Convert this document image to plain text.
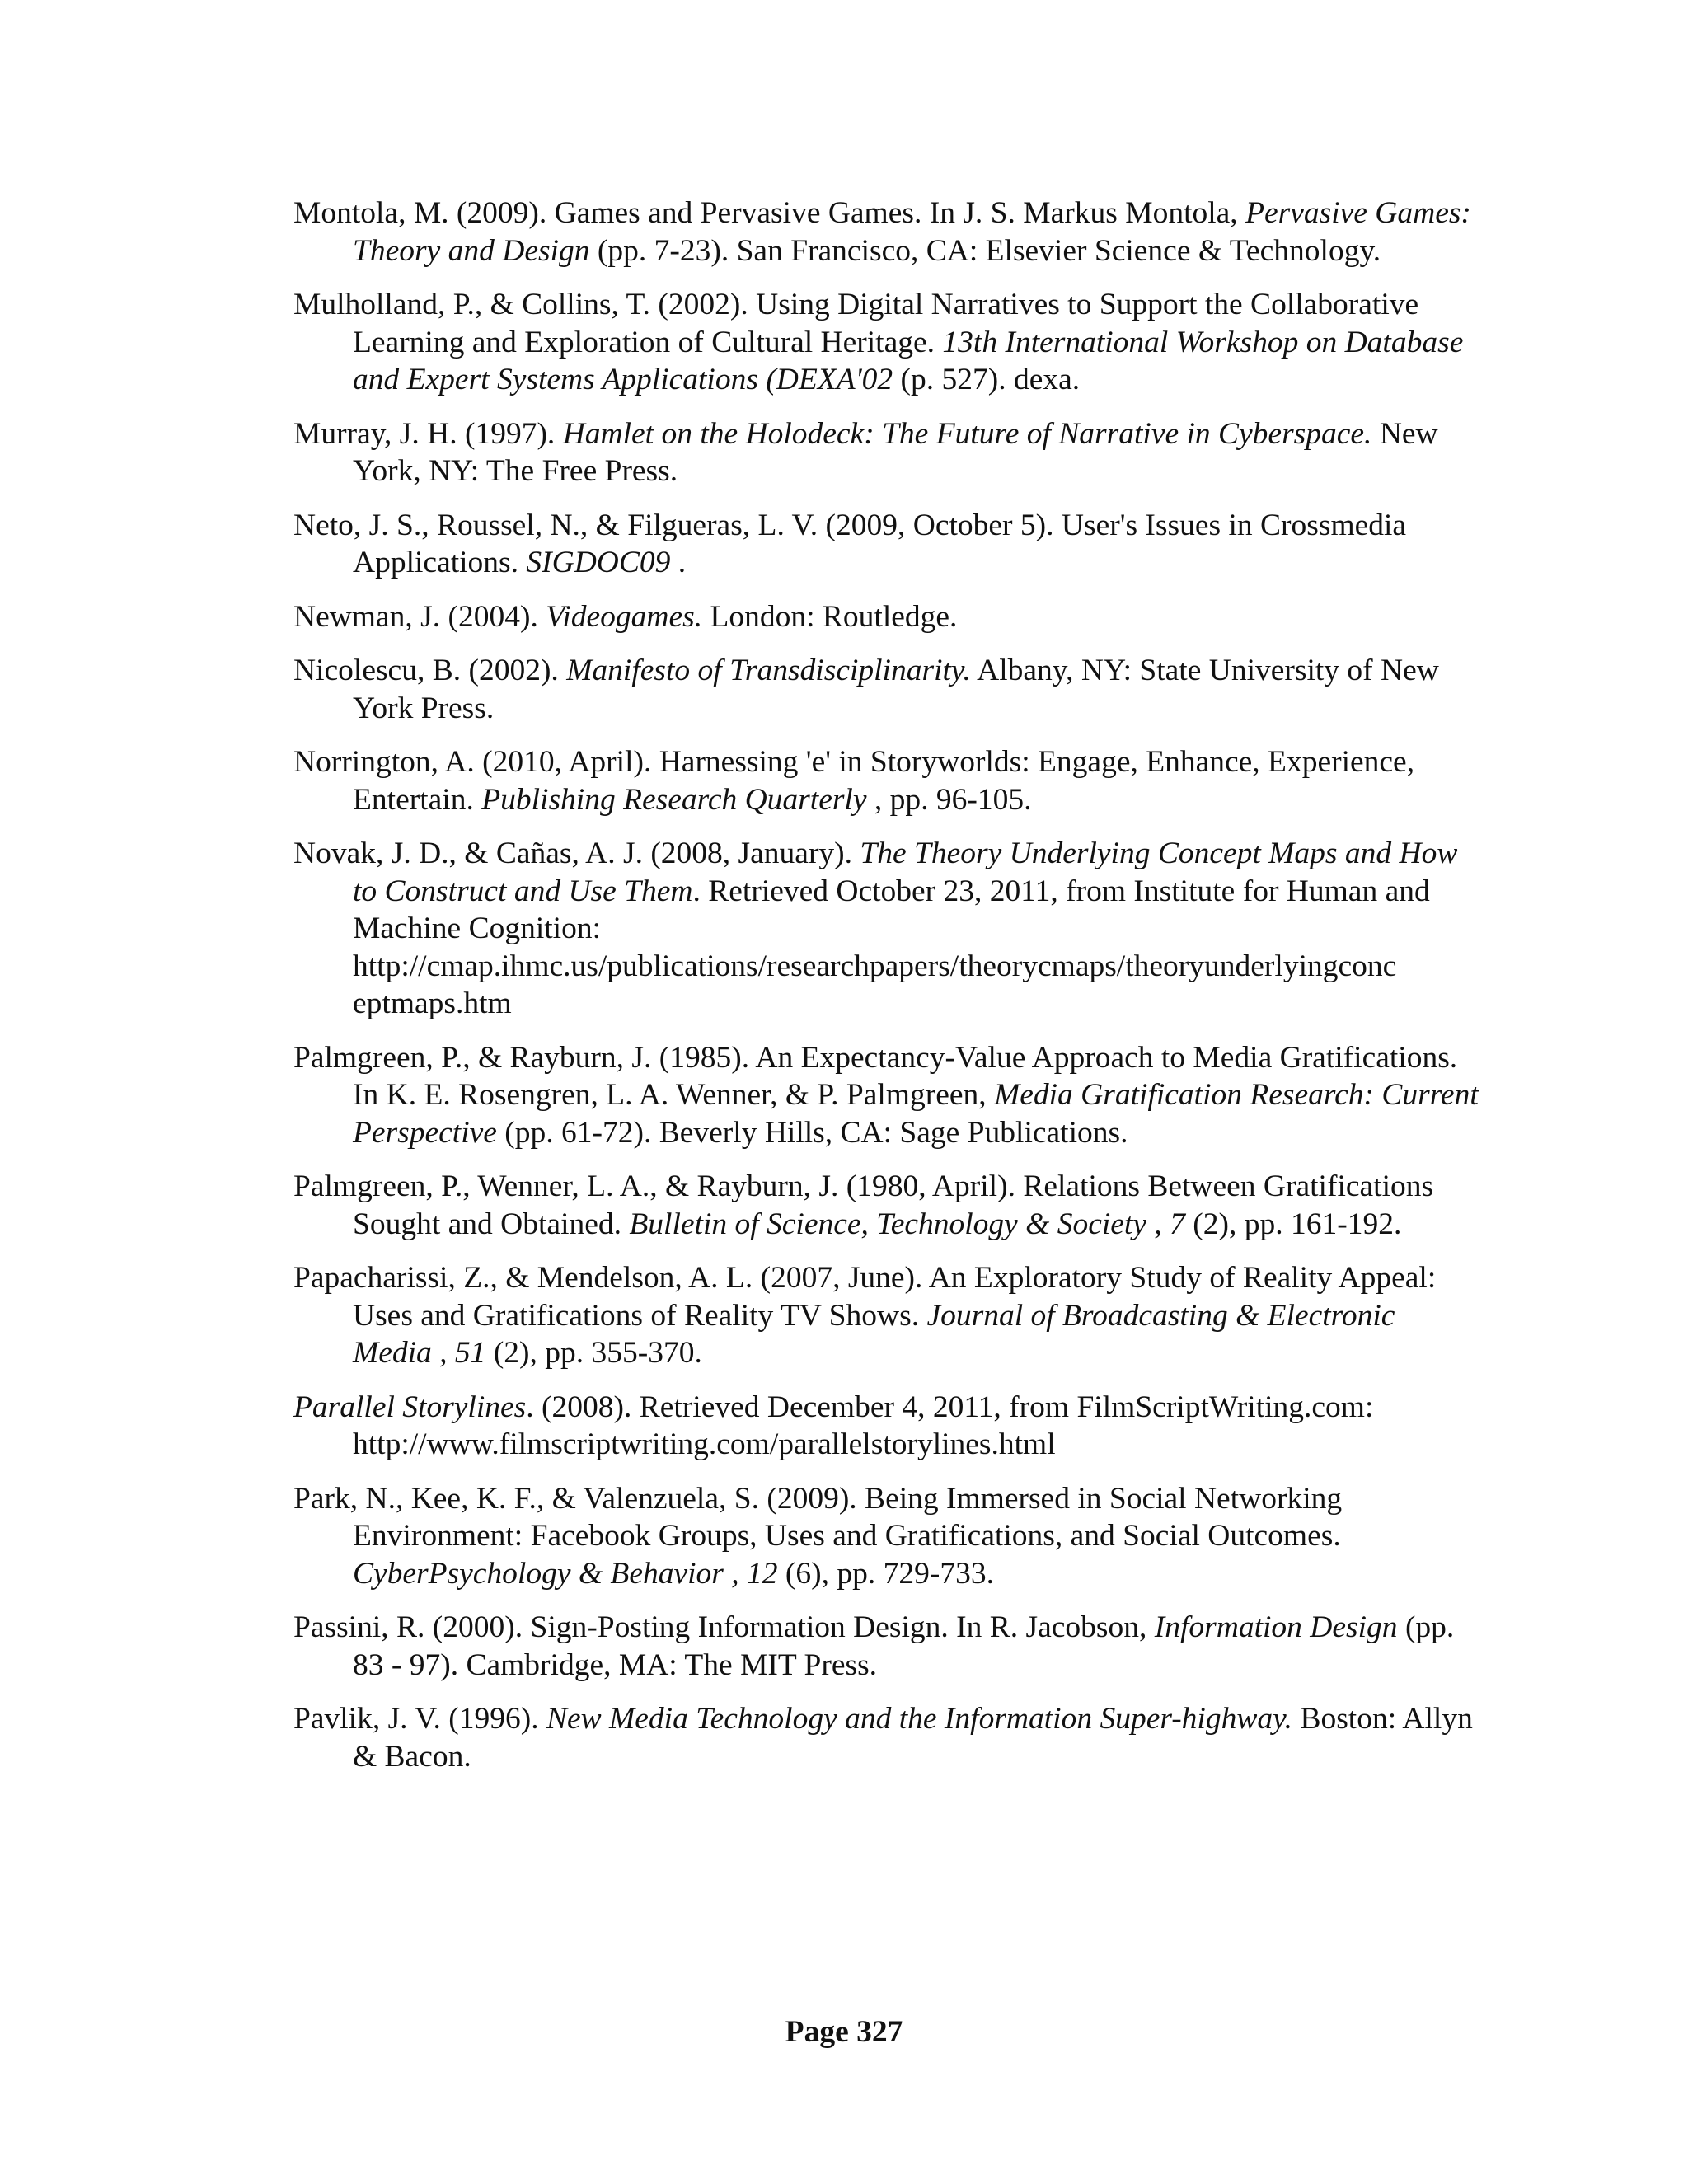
Montola, M. (2009). Games and Pervasive Games. In J. S. Markus Montola, Pervasive Games: Theory and Design (pp. 7-23). San Francisco, CA: Elsevier Science & Technology.

Mulholland, P., & Collins, T. (2002). Using Digital Narratives to Support the Collaborative Learning and Exploration of Cultural Heritage. 13th International Workshop on Database and Expert Systems Applications (DEXA'02 (p. 527). dexa.

Murray, J. H. (1997). Hamlet on the Holodeck: The Future of Narrative in Cyberspace. New York, NY: The Free Press.

Neto, J. S., Roussel, N., & Filgueras, L. V. (2009, October 5). User's Issues in Crossmedia Applications. SIGDOC09 .

Newman, J. (2004). Videogames. London: Routledge.

Nicolescu, B. (2002). Manifesto of Transdisciplinarity. Albany, NY: State University of New York Press.

Norrington, A. (2010, April). Harnessing 'e' in Storyworlds: Engage, Enhance, Experience, Entertain. Publishing Research Quarterly , pp. 96-105.

Novak, J. D., & Cañas, A. J. (2008, January). The Theory Underlying Concept Maps and How to Construct and Use Them. Retrieved October 23, 2011, from Institute for Human and Machine Cognition: http://cmap.ihmc.us/publications/researchpapers/theorycmaps/theoryunderlyingconc
eptmaps.htm

Palmgreen, P., & Rayburn, J. (1985). An Expectancy-Value Approach to Media Gratifications. In K. E. Rosengren, L. A. Wenner, & P. Palmgreen, Media Gratification Research: Current Perspective (pp. 61-72). Beverly Hills, CA: Sage Publications.

Palmgreen, P., Wenner, L. A., & Rayburn, J. (1980, April). Relations Between Gratifications Sought and Obtained. Bulletin of Science, Technology & Society , 7 (2), pp. 161-192.

Papacharissi, Z., & Mendelson, A. L. (2007, June). An Exploratory Study of Reality Appeal: Uses and Gratifications of Reality TV Shows. Journal of Broadcasting & Electronic Media , 51 (2), pp. 355-370.

Parallel Storylines. (2008). Retrieved December 4, 2011, from FilmScriptWriting.com: http://www.filmscriptwriting.com/parallelstorylines.html

Park, N., Kee, K. F., & Valenzuela, S. (2009). Being Immersed in Social Networking Environment: Facebook Groups, Uses and Gratifications, and Social Outcomes. CyberPsychology & Behavior , 12 (6), pp. 729-733.

Passini, R. (2000). Sign-Posting Information Design. In R. Jacobson, Information Design (pp. 83 - 97). Cambridge, MA: The MIT Press.

Pavlik, J. V. (1996). New Media Technology and the Information Super-highway. Boston: Allyn & Bacon.

Page 327
